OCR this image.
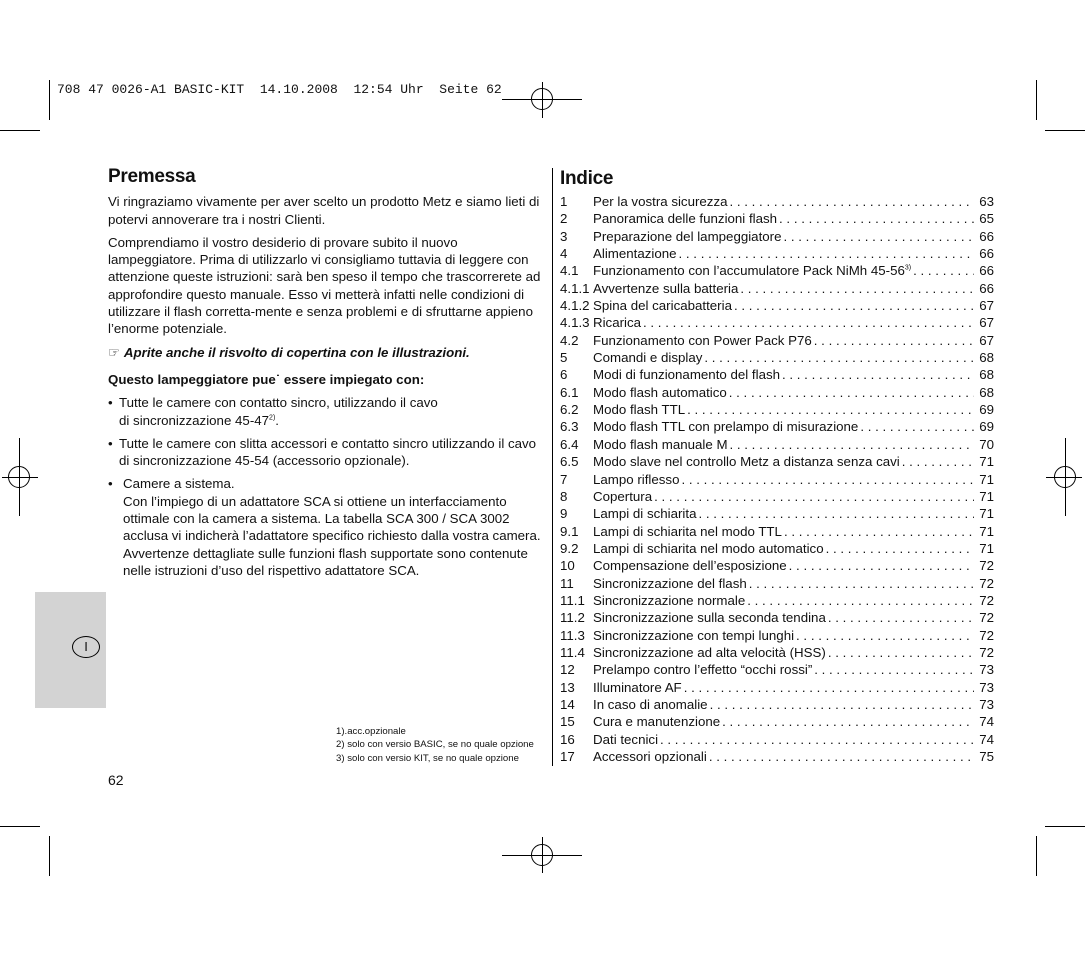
708 47 0026-A1 BASIC-KIT  14.10.2008  12:54 Uhr  Seite 62
Premessa

Vi ringraziamo vivamente per aver scelto un prodotto Metz e siamo lieti di potervi annoverare tra i nostri Clienti.

Comprendiamo il vostro desiderio di provare subito il nuovo lampeggiatore. Prima di utilizzarlo vi consigliamo tuttavia di leggere con attenzione queste istruzioni: sarà ben speso il tempo che trascorrerete ad approfondire questo manuale. Esso vi metterà infatti nelle condizioni di utilizzare il flash corretta-mente e senza problemi e di sfruttarne appieno l’enorme potenziale.

☞ Aprite anche il risvolto di copertina con le illustrazioni.
Questo lampeggiatore pue˙ essere impiegato con:
• Tutte le camere con contatto sincro, utilizzando il cavo
di sincronizzazione 45-47$^{2)}$.
• Tutte le camere con slitta accessori e contatto sincro utilizzando il cavo di sincronizzazione 45-54 (accessorio opzionale).
• Camere a sistema.
Con l’impiego di un adattatore SCA si ottiene un interfacciamento ottimale con la camera a sistema. La tabella SCA 300 / SCA 3002 acclusa vi indicherà l’adattatore specifico richiesto dalla vostra camera. Avvertenze dettagliate sulle funzioni flash supportate sono contenute nelle istruzioni d’uso del rispettivo adattatore SCA.
1).acc.opzionale
2) solo con versio BASIC, se no quale opzione
3) solo con versio KIT, se no quale opzione
62
I
Indice
1	Per la vostra sicurezza . . .	63
2	Panoramica delle funzioni flash . . .	65
3	Preparazione del lampeggiatore . . .	66
4	Alimentazione . . .	66
4.1	Funzionamento con l’accumulatore Pack NiMh 45-56$^{3)}$ . . .	66
4.1.1 Avvertenze sulla batteria . . .	66
4.1.2 Spina del caricabatteria . . .	67
4.1.3 Ricarica . . .	67
4.2	Funzionamento con Power Pack P76 . . .	67
5	Comandi e display . . .	68
6	Modi di funzionamento del flash . . .	68
6.1	Modo flash automatico . . .	68
6.2	Modo flash TTL . . .	69
6.3	Modo flash TTL con prelampo di misurazione . . .	69
6.4	Modo flash manuale M . . .	70
6.5	Modo slave nel controllo Metz a distanza senza cavi . . .	71
7	Lampo riflesso . . .	71
8	Copertura . . .	71
9	Lampi di schiarita . . .	71
9.1	Lampi di schiarita nel modo TTL . . .	71
9.2	Lampi di schiarita nel modo automatico . . .	71
10	Compensazione dell’esposizione . . .	72
11	Sincronizzazione del flash . . .	72
11.1 Sincronizzazione normale . . .	72
11.2 Sincronizzazione sulla seconda tendina . . .	72
11.3 Sincronizzazione con tempi lunghi . . .	72
11.4 Sincronizzazione ad alta velocità (HSS) . . .	72
12	Prelampo contro l’effetto “occhi rossi” . . .	73
13	Illuminatore AF . . .	73
14	In caso di anomalie . . .	73
15	Cura e manutenzione . . .	74
16	Dati tecnici . . .	74
17	Accessori opzionali . . .	75
